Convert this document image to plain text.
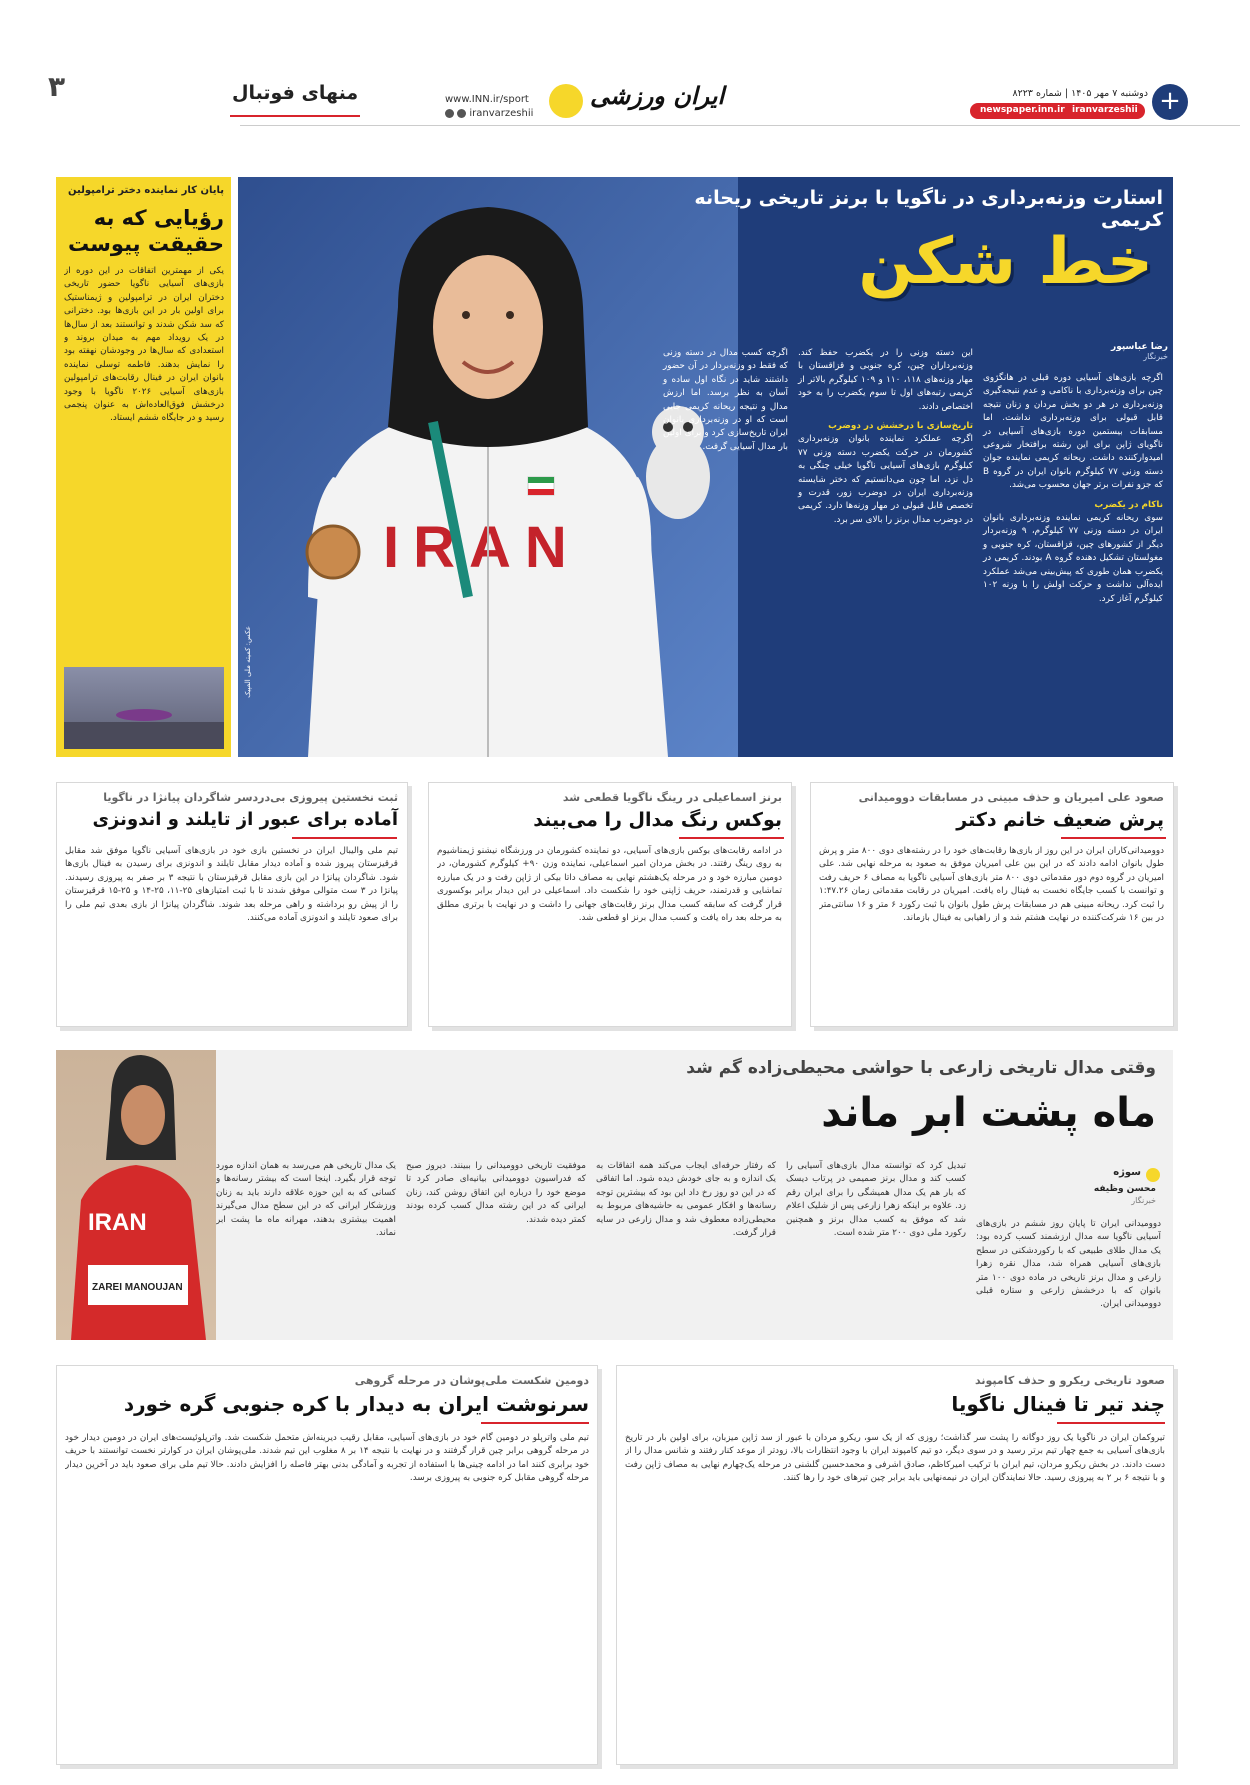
۳	منهای فوتبال	www.INN.ir/sport
iranvarzeshii
ایران ورزشی	دوشنبه ۷ مهر ۱۴۰۵ | شماره ۸۲۲۳
newspaper.inn.ir iranvarzeshii +
IRAN
عکس: کمیته ملی المپیک
استارت وزنه‌برداری در ناگویا با برنز تاریخی ریحانه کریمی
خط شکن
رضا عباسپور
خبرنگار
اگرچه بازی‌های آسیایی دوره قبلی در هانگژوی چین برای وزنه‌برداری با ناکامی و عدم نتیجه‌گیری وزنه‌برداری در هر دو بخش مردان و زنان نتیجه قابل قبولی برای وزنه‌برداری نداشت. اما مسابقات بیستمین دوره بازی‌های آسیایی در ناگویای ژاپن برای این رشته برافتخار شروعی امیدوارکننده داشت. ریحانه کریمی نماینده جوان دسته وزنی ۷۷ کیلوگرم بانوان ایران در گروه B که جزو نفرات برتر جهان محسوب می‌شد.
ناکام در یکضرب
سوی ریحانه کریمی نماینده وزنه‌برداری بانوان ایران در دسته وزنی ۷۷ کیلوگرم، ۹ وزنه‌بردار دیگر از کشورهای چین، قزاقستان، کره جنوبی و مغولستان تشکیل دهنده گروه A بودند. کریمی در یکضرب همان طوری که پیش‌بینی می‌شد عملکرد ایده‌آلی نداشت و حرکت اولش را با وزنه ۱۰۲ کیلوگرم آغاز کرد.
این دسته وزنی را در یکضرب حفظ کند. وزنه‌برداران چین، کره جنوبی و قزاقستان با مهار وزنه‌های ۱۱۸، ۱۱۰ و ۱۰۹ کیلوگرم بالاتر از کریمی رتبه‌های اول تا سوم یکضرب را به خود اختصاص دادند.
تاریخ‌سازی با درخشش در دوضرب
اگرچه عملکرد نماینده بانوان وزنه‌برداری کشورمان در حرکت یکضرب دسته وزنی ۷۷ کیلوگرم بازی‌های آسیایی ناگویا خیلی چنگی به دل نزد، اما چون می‌دانستیم که دختر شایسته وزنه‌برداری ایران در دوضرب زور، قدرت و تخصص قابل قبولی در مهار وزنه‌ها دارد. کریمی در دوضرب مدال برنز را بالای سر برد.
اگرچه کسب مدال در دسته وزنی که فقط دو وزنه‌بردار در آن حضور داشتند شاید در نگاه اول ساده و آسان به نظر برسد. اما ارزش مدال و نتیجه ریحانه کریمی جایی است که او در وزنه‌برداری بانوان ایران تاریخ‌سازی کرد و برای اولین بار مدال آسیایی گرفت.
پایان کار نماینده دختر ترامپولین
رؤیایی که به حقیقت پیوست
یکی از مهمترین اتفاقات در این دوره از بازی‌های آسیایی ناگویا حضور تاریخی دختران ایران در ترامپولین و ژیمناستیک برای اولین بار در این بازی‌ها بود. دخترانی که سد شکن شدند و توانستند بعد از سال‌ها در یک رویداد مهم به میدان بروند و استعدادی که سال‌ها در وجودشان نهفته بود را نمایش بدهند. فاطمه توسلی نماینده بانوان ایران در فینال رقابت‌های ترامپولین بازی‌های آسیایی ۲۰۲۶ ناگویا با وجود درخشش فوق‌العاده‌اش به عنوان پنجمی رسید و در جایگاه ششم ایستاد.
صعود علی امیریان و حذف مبینی در مسابقات دوومیدانی
پرش ضعیف خانم دکتر
دوومیدانی‌کاران ایران در این روز از بازی‌ها رقابت‌های خود را در رشته‌های دوی ۸۰۰ متر و پرش طول بانوان ادامه دادند که در این بین علی امیریان موفق به صعود به مرحله نهایی شد. علی امیریان در گروه دوم دور مقدماتی دوی ۸۰۰ متر بازی‌های آسیایی ناگویا به مصاف ۶ حریف رفت و توانست با کسب جایگاه نخست به فینال راه یافت. امیریان در رقابت مقدماتی زمان ۱:۴۷.۲۶ را ثبت کرد. ریحانه مبینی هم در مسابقات پرش طول بانوان با ثبت رکورد ۶ متر و ۱۶ سانتی‌متر در بین ۱۶ شرکت‌کننده در نهایت هشتم شد و از راهیابی به فینال بازماند.
برنز اسماعیلی در رینگ ناگویا قطعی شد
بوکس رنگ مدال را می‌بیند
در ادامه رقابت‌های بوکس بازی‌های آسیایی، دو نماینده کشورمان در ورزشگاه نیشنو ژیمناشیوم به روی رینگ رفتند. در بخش مردان امیر اسماعیلی، نماینده وزن ۹۰+ کیلوگرم کشورمان، در دومین مبارزه خود و در مرحله یک‌هشتم نهایی به مصاف داتا بیکی از ژاپن رفت و در یک مبارزه تماشایی و قدرتمند، حریف ژاپنی خود را شکست داد. اسماعیلی در این دیدار برابر بوکسوری قرار گرفت که سابقه کسب مدال برنز رقابت‌های جهانی را داشت و در نهایت با برتری مطلق به مرحله بعد راه یافت و کسب مدال برنز او قطعی شد.
ثبت نخستین پیروزی بی‌دردسر شاگردان پیانژا در ناگویا
آماده برای عبور از تایلند و اندونزی
تیم ملی والیبال ایران در نخستین بازی خود در بازی‌های آسیایی ناگویا موفق شد مقابل قرقیزستان پیروز شده و آماده دیدار مقابل تایلند و اندونزی برای رسیدن به فینال بازی‌ها شود. شاگردان پیانژا در این بازی مقابل قرقیزستان با نتیجه ۳ بر صفر به پیروزی رسیدند. پیانژا در ۳ ست متوالی موفق شدند تا با ثبت امتیازهای ۲۵-۱۱، ۲۵-۱۴ و ۲۵-۱۵ قرقیزستان را از پیش رو برداشته و راهی مرحله بعد شوند. شاگردان پیانژا از بازی بعدی تیم ملی را برای صعود تایلند و اندونزی آماده می‌کنند.
وقتی مدال تاریخی زارعی با حواشی محیطی‌زاده گم شد
ماه پشت ابر ماند
سوژه
محسن وظیفه
خبرنگار
دوومیدانی ایران تا پایان روز ششم در بازی‌های آسیایی ناگویا سه مدال ارزشمند کسب کرده بود: یک مدال طلای طبیعی که با رکوردشکنی در سطح بازی‌های آسیایی همراه شد، مدال نقره زهرا زارعی و مدال برنز تاریخی در ماده دوی ۱۰۰ متر بانوان که با درخشش زارعی و ستاره قبلی دوومیدانی ایران.
تبدیل کرد که توانسته مدال بازی‌های آسیایی را کسب کند و مدال برنز صمیمی در پرتاب دیسک که بار هم یک مدال همیشگی را برای ایران رقم زد. علاوه بر اینکه زهرا زارعی پس از شلیک اعلام شد که موفق به کسب مدال برنز و همچنین رکورد ملی دوی ۲۰۰ متر شده است.
که رفتار حرفه‌ای ایجاب می‌کند همه اتفاقات به یک اندازه و به جای خودش دیده شود. اما اتفاقی که در این دو روز رخ داد این بود که بیشترین توجه رسانه‌ها و افکار عمومی به حاشیه‌های مربوط به محیطی‌زاده معطوف شد و مدال زارعی در سایه قرار گرفت.
موفقیت تاریخی دوومیدانی را ببینند. دیروز صبح که فدراسیون دوومیدانی بیانیه‌ای صادر کرد تا موضع خود را درباره این اتفاق روشن کند، زنان ایرانی که در این رشته مدال کسب کرده بودند کمتر دیده شدند.
یک مدال تاریخی هم می‌رسد به همان اندازه مورد توجه قرار بگیرد. اینجا است که بیشتر رسانه‌ها و کسانی که به این حوزه علاقه دارند باید به زنان ورزشکار ایرانی که در این سطح مدال می‌گیرند اهمیت بیشتری بدهند، مهرانه ماه ما پشت ابر نماند.
IRAN
ZAREI MANOUJAN
صعود تاریخی ریکرو و حذف کامپوند
چند تیر تا فینال ناگویا
تیروکمان ایران در ناگویا یک روز دوگانه را پشت سر گذاشت؛ روزی که از یک سو، ریکرو مردان با عبور از سد ژاپن میزبان، برای اولین بار در تاریخ بازی‌های آسیایی به جمع چهار تیم برتر رسید و در سوی دیگر، دو تیم کامپوند ایران با وجود انتظارات بالا، زودتر از موعد کنار رفتند و شانس مدال را از دست دادند. در بخش ریکرو مردان، تیم ایران با ترکیب امیرکاظم، صادق اشرفی و محمدحسین گلشنی در مرحله یک‌چهارم نهایی به مصاف ژاپن رفت و با نتیجه ۶ بر ۲ به پیروزی رسید. حالا نمایندگان ایران در نیمه‌نهایی باید برابر چین تیرهای خود را رها کنند.
دومین شکست ملی‌پوشان در مرحله گروهی
سرنوشت ایران به دیدار با کره جنوبی گره خورد
تیم ملی واترپلو در دومین گام خود در بازی‌های آسیایی، مقابل رقیب دیرینه‌اش متحمل شکست شد. واترپلوئیست‌های ایران در دومین دیدار خود در مرحله گروهی برابر چین قرار گرفتند و در نهایت با نتیجه ۱۴ بر ۸ مغلوب این تیم شدند. ملی‌پوشان ایران در کوارتر نخست توانستند با حریف خود برابری کنند اما در ادامه چینی‌ها با استفاده از تجربه و آمادگی بدنی بهتر فاصله را افزایش دادند. حالا تیم ملی برای صعود باید در آخرین دیدار مرحله گروهی مقابل کره جنوبی به پیروزی برسد.
